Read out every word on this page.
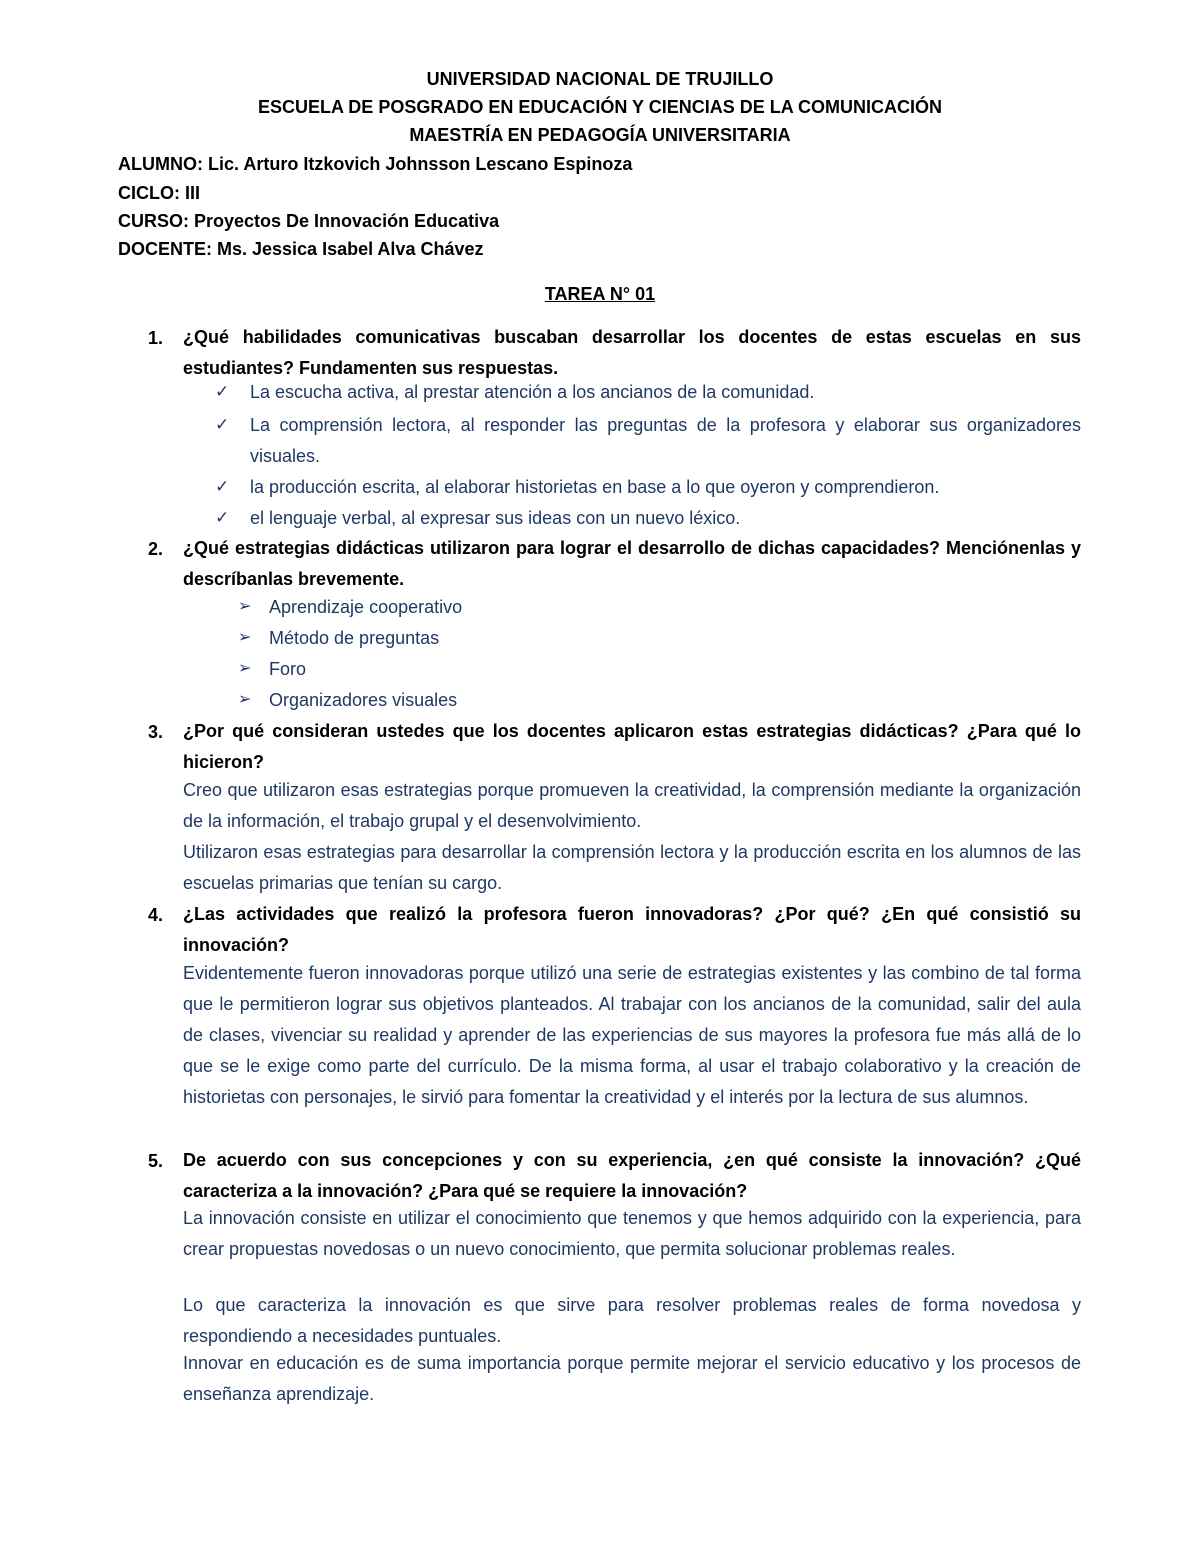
UNIVERSIDAD NACIONAL DE TRUJILLO
ESCUELA DE POSGRADO EN EDUCACIÓN Y CIENCIAS DE LA COMUNICACIÓN
MAESTRÍA EN PEDAGOGÍA UNIVERSITARIA
ALUMNO: Lic. Arturo Itzkovich Johnsson Lescano Espinoza
CICLO: III
CURSO: Proyectos De Innovación Educativa
DOCENTE: Ms. Jessica Isabel Alva Chávez
TAREA N° 01
1. ¿Qué habilidades comunicativas buscaban desarrollar los docentes de estas escuelas en sus estudiantes? Fundamenten sus respuestas.
✓ La escucha activa, al prestar atención a los ancianos de la comunidad.
✓ La comprensión lectora, al responder las preguntas de la profesora y elaborar sus organizadores visuales.
✓ la producción escrita, al elaborar historietas en base a lo que oyeron y comprendieron.
✓ el lenguaje verbal, al expresar sus ideas con un nuevo léxico.
2. ¿Qué estrategias didácticas utilizaron para lograr el desarrollo de dichas capacidades? Menciónenlas y descríbanlas brevemente.
➢ Aprendizaje cooperativo
➢ Método de preguntas
➢ Foro
➢ Organizadores visuales
3. ¿Por qué consideran ustedes que los docentes aplicaron estas estrategias didácticas? ¿Para qué lo hicieron?
Creo que utilizaron esas estrategias porque promueven la creatividad, la comprensión mediante la organización de la información, el trabajo grupal y el desenvolvimiento.
Utilizaron esas estrategias para desarrollar la comprensión lectora y la producción escrita en los alumnos de las escuelas primarias que tenían su cargo.
4. ¿Las actividades que realizó la profesora fueron innovadoras? ¿Por qué? ¿En qué consistió su innovación?
Evidentemente fueron innovadoras porque utilizó una serie de estrategias existentes y las combino de tal forma que le permitieron lograr sus objetivos planteados. Al trabajar con los ancianos de la comunidad, salir del aula de clases, vivenciar su realidad y aprender de las experiencias de sus mayores la profesora fue más allá de lo que se le exige como parte del currículo. De la misma forma, al usar el trabajo colaborativo y la creación de historietas con personajes, le sirvió para fomentar la creatividad y el interés por la lectura de sus alumnos.
5. De acuerdo con sus concepciones y con su experiencia, ¿en qué consiste la innovación? ¿Qué caracteriza a la innovación? ¿Para qué se requiere la innovación?
La innovación consiste en utilizar el conocimiento que tenemos y que hemos adquirido con la experiencia, para crear propuestas novedosas o un nuevo conocimiento, que permita solucionar problemas reales.
Lo que caracteriza la innovación es que sirve para resolver problemas reales de forma novedosa y respondiendo a necesidades puntuales.
Innovar en educación es de suma importancia porque permite mejorar el servicio educativo y los procesos de enseñanza aprendizaje.
